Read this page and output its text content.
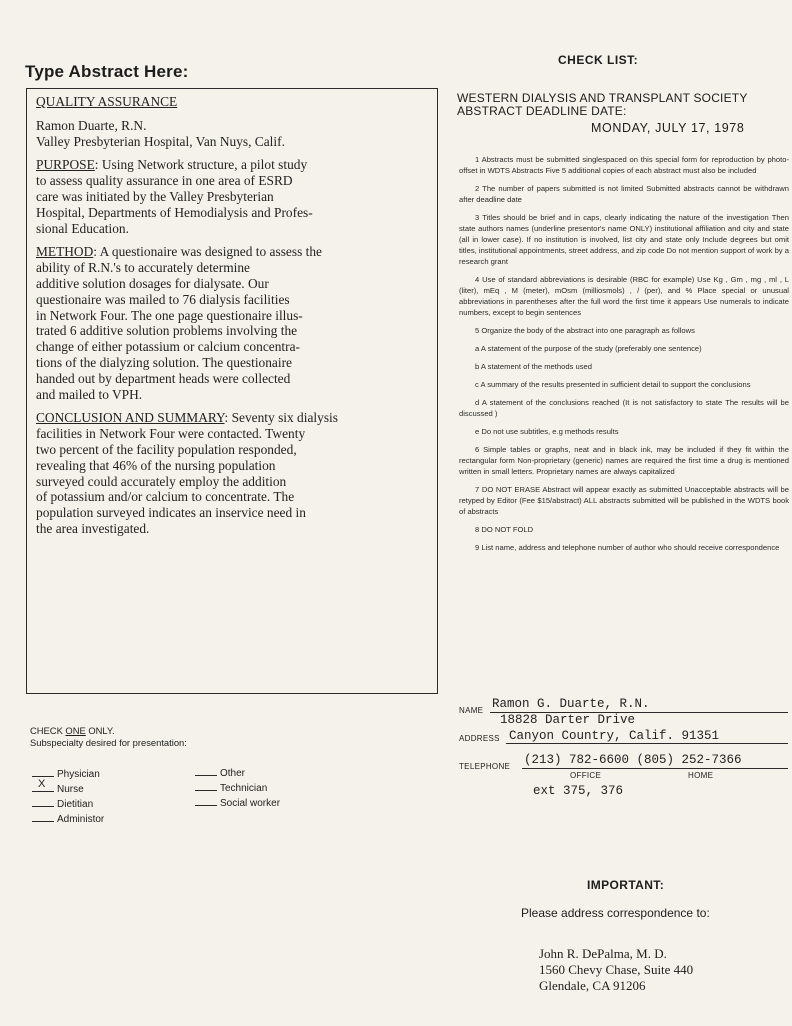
Type Abstract Here:

QUALITY ASSURANCE

Ramon Duarte, R.N.

Valley Presbyterian Hospital, Van Nuys, Calif.

PURPOSE: Using Network structure, a pilot study

to assess quality assurance in one area of ESRD

care was initiated by the Valley Presbyterian

Hospital, Departments of Hemodialysis and Profes-

sional Education.

METHOD: A questionaire was designed to assess the

ability of R.N.'s to accurately determine

additive solution dosages for dialysate. Our

questionaire was mailed to 76 dialysis facilities

in Network Four. The one page questionaire illus-

trated 6 additive solution problems involving the

change of either potassium or calcium concentra-

tions of the dialyzing solution. The questionaire

handed out by department heads were collected

and mailed to VPH.

CONCLUSION AND SUMMARY: Seventy six dialysis

facilities in Network Four were contacted. Twenty

two percent of the facility population responded,

revealing that 46% of the nursing population

surveyed could accurately employ the addition

of potassium and/or calcium to concentrate. The

population surveyed indicates an inservice need in

the area investigated.

CHECK LIST:
WESTERN DIALYSIS AND TRANSPLANT SOCIETY
ABSTRACT DEADLINE DATE:
MONDAY, JULY 17, 1978

1 Abstracts must be submitted singlespaced on this special form for reproduction by photo-offset in WDTS Abstracts Five 5 additional copies of each abstract must also be included

2 The number of papers submitted is not limited Submitted abstracts cannot be withdrawn after deadline date

3 Titles should be brief and in caps, clearly indicating the nature of the investigation Then state authors names (underline presentor's name ONLY) institutional affiliation and city and state (all in lower case). If no institution is involved, list city and state only Include degrees but omit titles, institutional appointments, street address, and zip code Do not mention support of work by a research grant

4 Use of standard abbreviations is desirable (RBC for example) Use Kg , Gm , mg , ml , L (liter), mEq , M (meter), mOsm (milliosmols) , / (per), and % Place special or unusual abbreviations in parentheses after the full word the first time it appears Use numerals to indicate numbers, except to begin sentences

5 Organize the body of the abstract into one paragraph as follows

a A statement of the purpose of the study (preferably one sentence)

b A statement of the methods used

c A summary of the results presented in sufficient detail to support the conclusions

d A statement of the conclusions reached (It is not satisfactory to state The results will be discussed )

e Do not use subtitles, e.g methods results

6 Simple tables or graphs, neat and in black ink, may be included if they fit within the rectangular form Non-proprietary (generic) names are required the first time a drug is mentioned written in small letters. Proprietary names are always capitalized

7 DO NOT ERASE Abstract will appear exactly as submitted Unacceptable abstracts will be retyped by Editor (Fee $15/abstract) ALL abstracts submitted will be published in the WDTS book of abstracts

8 DO NOT FOLD

9 List name, address and telephone number of author who should receive correspondence

NAME Ramon G. Duarte, R.N.
18828 Darter Drive
ADDRESS Canyon Country, Calif. 91351
TELEPHONE (213) 782-6600 (805) 252-7366
OFFICE	HOME
ext 375, 376
CHECK ONE ONLY.
Subspecialty desired for presentation:
Physician
X Nurse
Dietitian
Administor
Other
Technician
Social worker
IMPORTANT:
Please address correspondence to:
John R. DePalma, M. D.
1560 Chevy Chase, Suite 440
Glendale, CA 91206
